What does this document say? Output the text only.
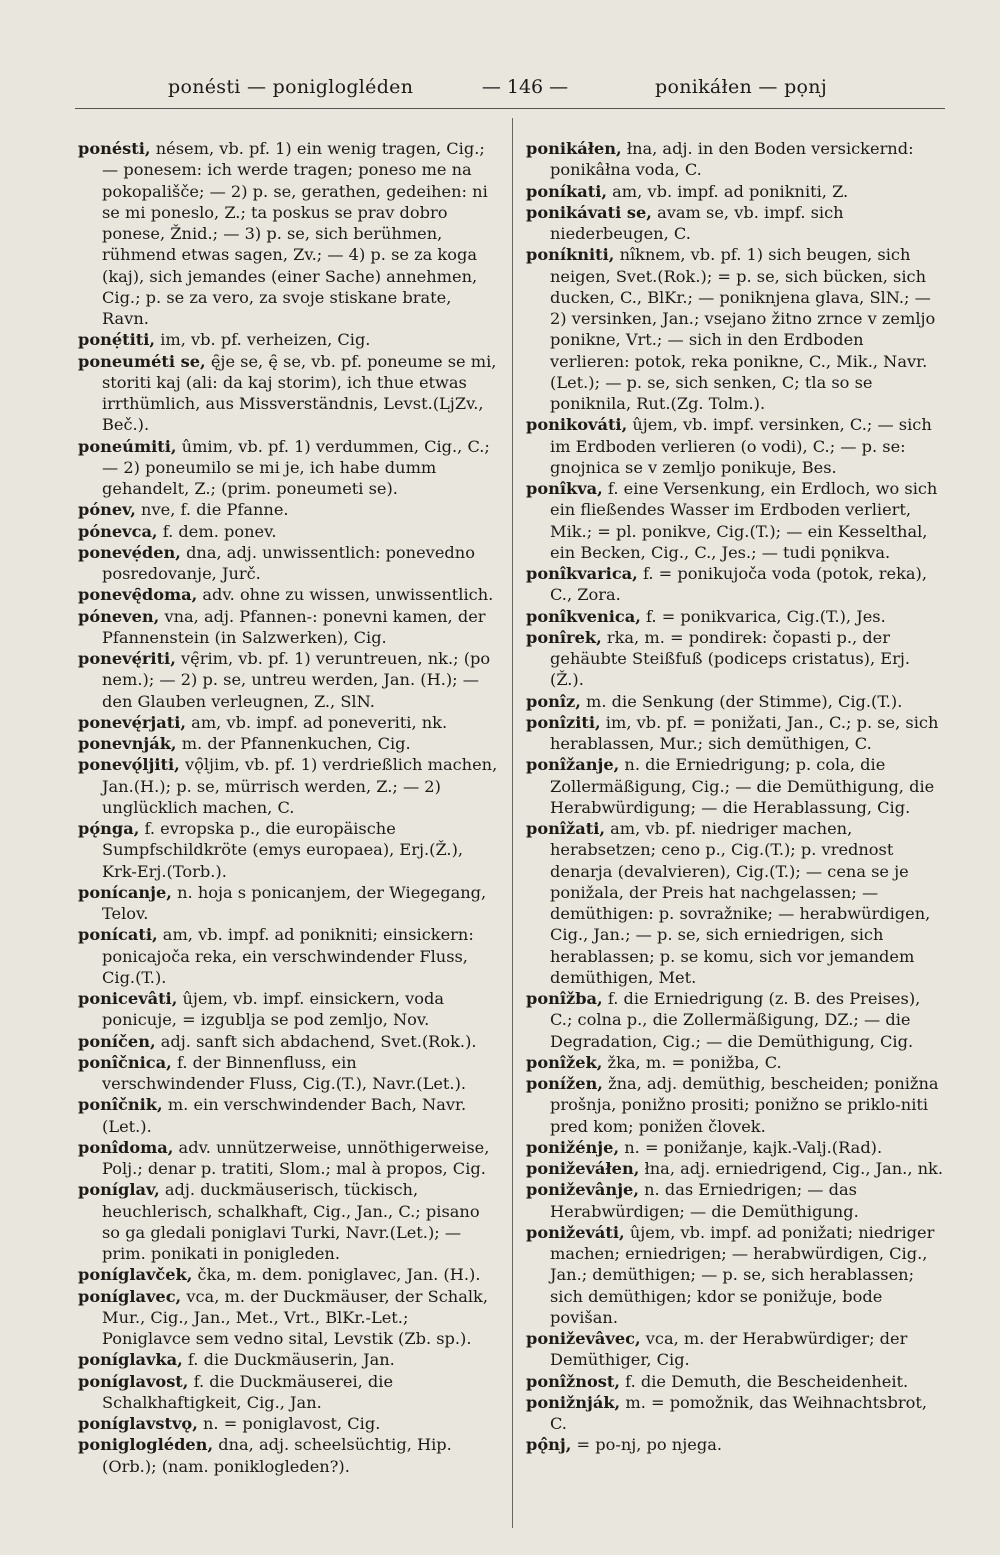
ponésti — poniglogléden	— 146 —	ponikáłen — pọnj

ponésti, nésem, vb. pf. 1) ein wenig tragen, Cig.; — ponesem: ich werde tragen; poneso me na pokopališče; — 2) p. se, gerathen, gedeihen: ni se mi poneslo, Z.; ta poskus se prav dobro ponese, Žnid.; — 3) p. se, sich berühmen, rühmend etwas sagen, Zv.; — 4) p. se za koga (kaj), sich jemandes (einer Sache) annehmen, Cig.; p. se za vero, za svoje stiskane brate, Ravn.

ponẹ́titi, im, vb. pf. verheizen, Cig.

poneuméti se, ę̑je se, ę̑ se, vb. pf. poneume se mi, storiti kaj (ali: da kaj storim), ich thue etwas irrthümlich, aus Missverständnis, Levst.(LjZv., Beč.).

poneúmiti, ûmim, vb. pf. 1) verdummen, Cig., C.; — 2) poneumilo se mi je, ich habe dumm gehandelt, Z.; (prim. poneumeti se).

pónev, nve, f. die Pfanne.

pónevca, f. dem. ponev.

ponevẹ́den, dna, adj. unwissentlich: ponevedno posredovanje, Jurč.

ponevę̑doma, adv. ohne zu wissen, unwissentlich.

póneven, vna, adj. Pfannen-: ponevni kamen, der Pfannenstein (in Salzwerken), Cig.

ponevę́riti, vę̑rim, vb. pf. 1) veruntreuen, nk.; (po nem.); — 2) p. se, untreu werden, Jan. (H.); — den Glauben verleugnen, Z., SlN.

ponevę́rjati, am, vb. impf. ad poneveriti, nk.

ponevnják, m. der Pfannenkuchen, Cig.

ponevǫ́ljiti, vǫ̑ljim, vb. pf. 1) verdrießlich machen, Jan.(H.); p. se, mürrisch werden, Z.; — 2) unglücklich machen, C.

pǫ́nga, f. evropska p., die europäische Sumpfschildkröte (emys europaea), Erj.(Ž.), Krk-Erj.(Torb.).

ponícanje, n. hoja s ponicanjem, der Wiegegang, Telov.

ponícati, am, vb. impf. ad ponikniti; einsickern: ponicajoča reka, ein verschwindender Fluss, Cig.(T.).

ponicevâti, ûjem, vb. impf. einsickern, voda ponicuje, = izgublja se pod zemljo, Nov.

poníčen, adj. sanft sich abdachend, Svet.(Rok.).

ponı̂čnica, f. der Binnenfluss, ein verschwindender Fluss, Cig.(T.), Navr.(Let.).

ponı̂čnik, m. ein verschwindender Bach, Navr. (Let.).

ponîdoma, adv. unnützerweise, unnöthigerweise, Polj.; denar p. tratiti, Slom.; mal à propos, Cig.

poníglav, adj. duckmäuserisch, tückisch, heuchlerisch, schalkhaft, Cig., Jan., C.; pisano so ga gledali poniglavi Turki, Navr.(Let.); — prim. ponikati in ponigleden.

poníglavček, čka, m. dem. poniglavec, Jan. (H.).

poníglavec, vca, m. der Duckmäuser, der Schalk, Mur., Cig., Jan., Met., Vrt., BlKr.-Let.; Poniglavce sem vedno sital, Levstik (Zb. sp.).

poníglavka, f. die Duckmäuserin, Jan.

poníglavost, f. die Duckmäuserei, die Schalkhaftigkeit, Cig., Jan.

poníglavstvǫ, n. = poniglavost, Cig.

poniglogléden, dna, adj. scheelsüchtig, Hip. (Orb.); (nam. poniklogleden?).

ponikáłen, łna, adj. in den Boden versickernd: ponikâłna voda, C.

poníkati, am, vb. impf. ad ponikniti, Z.

ponikávati se, avam se, vb. impf. sich niederbeugen, C.

poníkniti, nı̂knem, vb. pf. 1) sich beugen, sich neigen, Svet.(Rok.); = p. se, sich bücken, sich ducken, C., BlKr.; — poniknjena glava, SlN.; — 2) versinken, Jan.; vsejano žitno zrnce v zemljo ponikne, Vrt.; — sich in den Erdboden verlieren: potok, reka ponikne, C., Mik., Navr.(Let.); — p. se, sich senken, C; tla so se poniknila, Rut.(Zg. Tolm.).

ponikováti, ûjem, vb. impf. versinken, C.; — sich im Erdboden verlieren (o vodi), C.; — p. se: gnojnica se v zemljo ponikuje, Bes.

ponîkva, f. eine Versenkung, ein Erdloch, wo sich ein fließendes Wasser im Erdboden verliert, Mik.; = pl. ponikve, Cig.(T.); — ein Kesselthal, ein Becken, Cig., C., Jes.; — tudi pǫnikva.

ponîkvarica, f. = ponikujoča voda (potok, reka), C., Zora.

ponîkvenica, f. = ponikvarica, Cig.(T.), Jes.

ponîrek, rka, m. = pondirek: čopasti p., der gehäubte Steißfuß (podiceps cristatus), Erj. (Ž.).

ponîz, m. die Senkung (der Stimme), Cig.(T.).

ponîziti, im, vb. pf. = ponižati, Jan., C.; p. se, sich herablassen, Mur.; sich demüthigen, C.

ponîžanje, n. die Erniedrigung; p. cola, die Zollermäßigung, Cig.; — die Demüthigung, die Herabwürdigung; — die Herablassung, Cig.

ponîžati, am, vb. pf. niedriger machen, herabsetzen; ceno p., Cig.(T.); p. vrednost denarja (devalvieren), Cig.(T.); — cena se je ponižala, der Preis hat nachgelassen; — demüthigen: p. sovražnike; — herabwürdigen, Cig., Jan.; — p. se, sich erniedrigen, sich herablassen; p. se komu, sich vor jemandem demüthigen, Met.

ponîžba, f. die Erniedrigung (z. B. des Preises), C.; colna p., die Zollermäßigung, DZ.; — die Degradation, Cig.; — die Demüthigung, Cig.

ponîžek, žka, m. = ponižba, C.

ponížen, žna, adj. demüthig, bescheiden; ponižna prošnja, ponižno prositi; ponižno se priklo-niti pred kom; ponižen človek.

ponižénje, n. = ponižanje, kajk.-Valj.(Rad).

poniževáłen, łna, adj. erniedrigend, Cig., Jan., nk.

poniževânje, n. das Erniedrigen; — das Herabwürdigen; — die Demüthigung.

poniževáti, ûjem, vb. impf. ad ponižati; niedriger machen; erniedrigen; — herabwürdigen, Cig., Jan.; demüthigen; — p. se, sich herablassen; sich demüthigen; kdor se ponižuje, bode povišan.

poniževâvec, vca, m. der Herabwürdiger; der Demüthiger, Cig.

ponîžnost, f. die Demuth, die Bescheidenheit.

ponižnják, m. = pomožnik, das Weihnachtsbrot, C.

pǫ̂nj, = po-nj, po njega.
